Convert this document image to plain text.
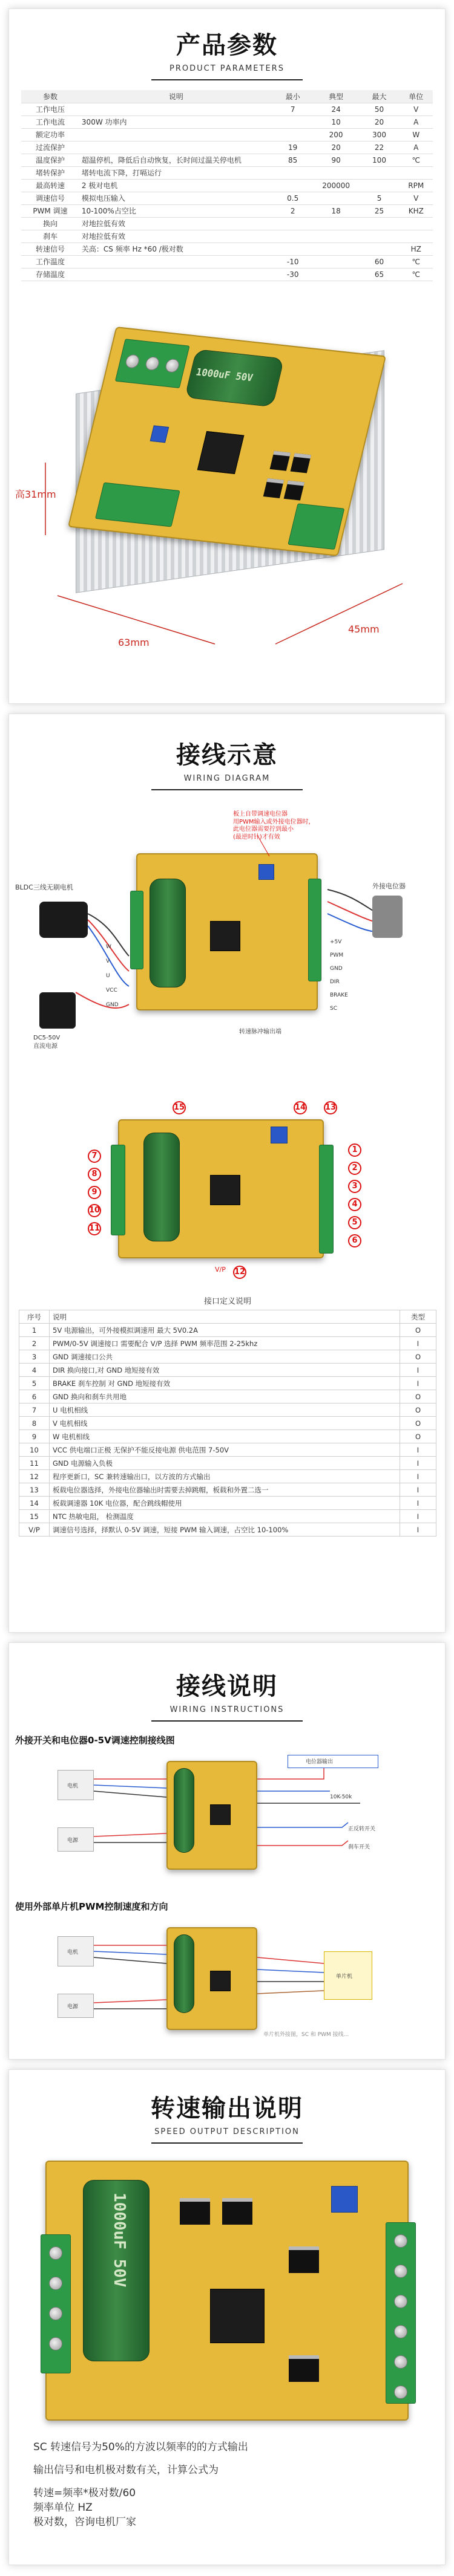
产品参数
PRODUCT PARAMETERS
参数	说明	最小	典型	最大	单位
工作电压		7	24	50	V
工作电流	300W 功率内		10	20	A
额定功率			200	300	W
过流保护		19	20	22	A
温度保护	超温停机，降低后自动恢复，长时间过温关停电机	85	90	100	℃
堵转保护	堵转电流下降，打嗝运行				
最高转速	2 极对电机		200000		RPM
调速信号	模拟电压输入	0.5		5	V
PWM 调速	10-100%占空比	2	18	25	KHZ
换向	对地拉低有效				
刹车	对地拉低有效				
转速信号	关高：CS 频率 Hz *60 /极对数				HZ
工作温度		-10		60	℃
存储温度		-30		65	℃
1000uF 50V
高31mm
63mm
45mm
接线示意
WIRING DIAGRAM
BLDC三线无刷电机	外接电位器
板上自带调速电位器
用PWM输入或外接电位器时，
此电位器需要拧到最小
(最逆时针)才有效
DC5-50V
直流电源
W
V
U
VCC
GND
+5V
PWM
GND
DIR
BRAKE
SC
转速脉冲输出端
15	14 13
1
2
3
4
5
6
7
8
9
10
11
12
V/P
接口定义说明
序号	说明	类型
1	5V 电源输出，可外接模拟调速用 最大 5V0.2A	O
2	PWM/0-5V 调速接口 需要配合 V/P 选择 PWM 频率范围 2-25khz	I
3	GND 调速接口公共	O
4	DIR 换向接口,对 GND 地短接有效	I
5	BRAKE 刹车控制 对 GND 地短接有效	I
6	GND 换向和刹车共用地	O
7	U 电机相线	O
8	V 电机相线	O
9	W 电机相线	O
10	VCC 供电端口正极 无保护不能反接电源 供电范围 7-50V	I
11	GND 电源输入负极	I
12	程序更新口，SC 兼转速输出口，以方波的方式输出	I
13	板载电位器选择，外接电位器输出时需要去掉跳帽，板载和外置二选一	I
14	板载调速器 10K 电位器，配合跳线帽使用	I
15	NTC 热敏电阻， 检测温度	I
V/P	调速信号选择，择默认 0-5V 调速，短接 PWM 输入调速，占空比 10-100%	I
接线说明
WIRING INSTRUCTIONS
外接开关和电位器0-5V调速控制接线图
电机
电源
电位器输出
10K-50k
正反转开关
刹车开关
使用外部单片机PWM控制速度和方向
电机
电源
单片机
单片机外接图，SC 和 PWM 接线...
转速输出说明
SPEED OUTPUT DESCRIPTION
1000uF 50V
SC 转速信号为50%的方波以频率的的方式输出
输出信号和电机极对数有关，计算公式为
转速=频率*极对数/60
频率单位 HZ
极对数，咨询电机厂家
